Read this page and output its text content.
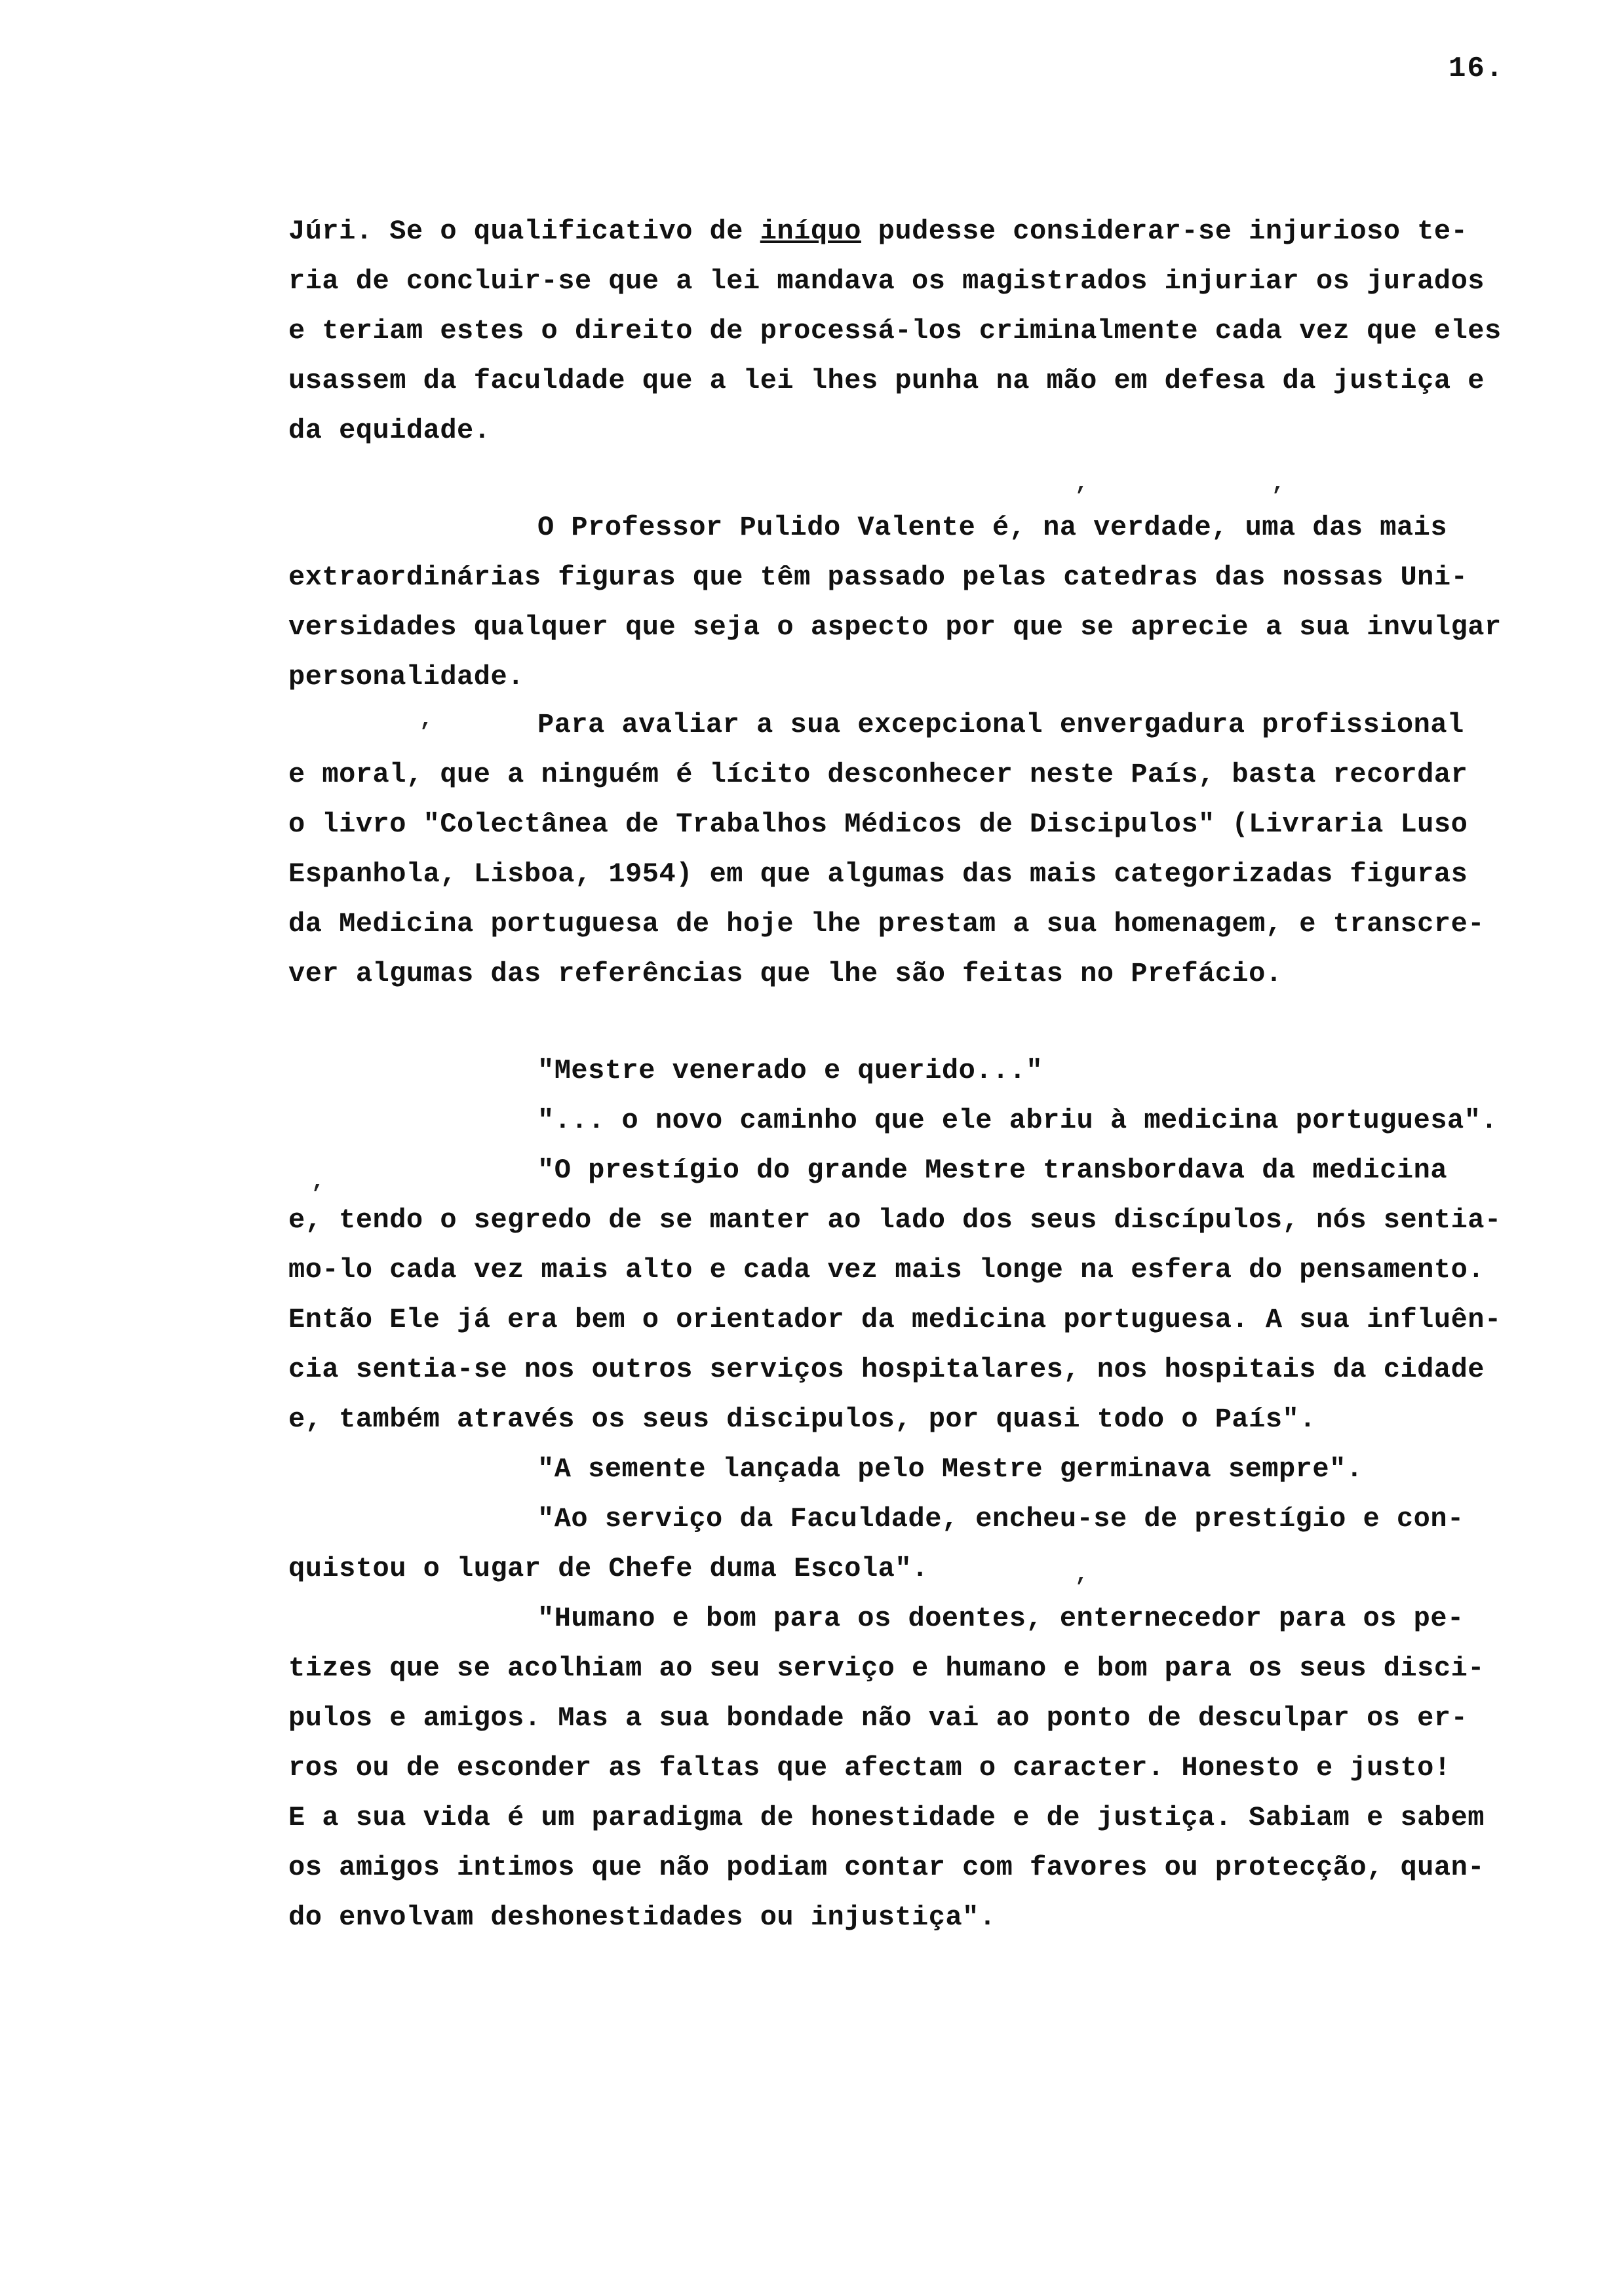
16.
Júri. Se o qualificativo de iníquo pudesse considerar-se injurioso te-
ria de concluir-se que a lei mandava os magistrados injuriar os jurados
e teriam estes o direito de processá-los criminalmente cada vez que eles
usassem da faculdade que a lei lhes punha na mão em defesa da justiça e
da equidade.
O Professor Pulido Valente é, na verdade, uma das mais
extraordinárias figuras que têm passado pelas catedras das nossas Uni-
versidades qualquer que seja o aspecto por que se aprecie a sua invulgar
personalidade.
Para avaliar a sua excepcional envergadura profissional
e moral, que a ninguém é lícito desconhecer neste País, basta recordar
o livro "Colectânea de Trabalhos Médicos de Discipulos" (Livraria Luso
Espanhola, Lisboa, 1954) em que algumas das mais categorizadas figuras
da Medicina portuguesa de hoje lhe prestam a sua homenagem, e transcre-
ver algumas das referências que lhe são feitas no Prefácio.
"Mestre venerado e querido..."
"... o novo caminho que ele abriu à medicina portuguesa".
"O prestígio do grande Mestre transbordava da medicina
e, tendo o segredo de se manter ao lado dos seus discípulos, nós sentia-
mo-lo cada vez mais alto e cada vez mais longe na esfera do pensamento.
Então Ele já era bem o orientador da medicina portuguesa. A sua influên-
cia sentia-se nos outros serviços hospitalares, nos hospitais da cidade
e, também através os seus discipulos, por quasi todo o País".
"A semente lançada pelo Mestre germinava sempre".
"Ao serviço da Faculdade, encheu-se de prestígio e con-
quistou o lugar de Chefe duma Escola".
"Humano e bom para os doentes, enternecedor para os pe-
tizes que se acolhiam ao seu serviço e humano e bom para os seus disci-
pulos e amigos. Mas a sua bondade não vai ao ponto de desculpar os er-
ros ou de esconder as faltas que afectam o caracter. Honesto e justo!
E a sua vida é um paradigma de honestidade e de justiça. Sabiam e sabem
os amigos intimos que não podiam contar com favores ou protecção, quan-
do envolvam deshonestidades ou injustiça".
,	,
,
,
,
